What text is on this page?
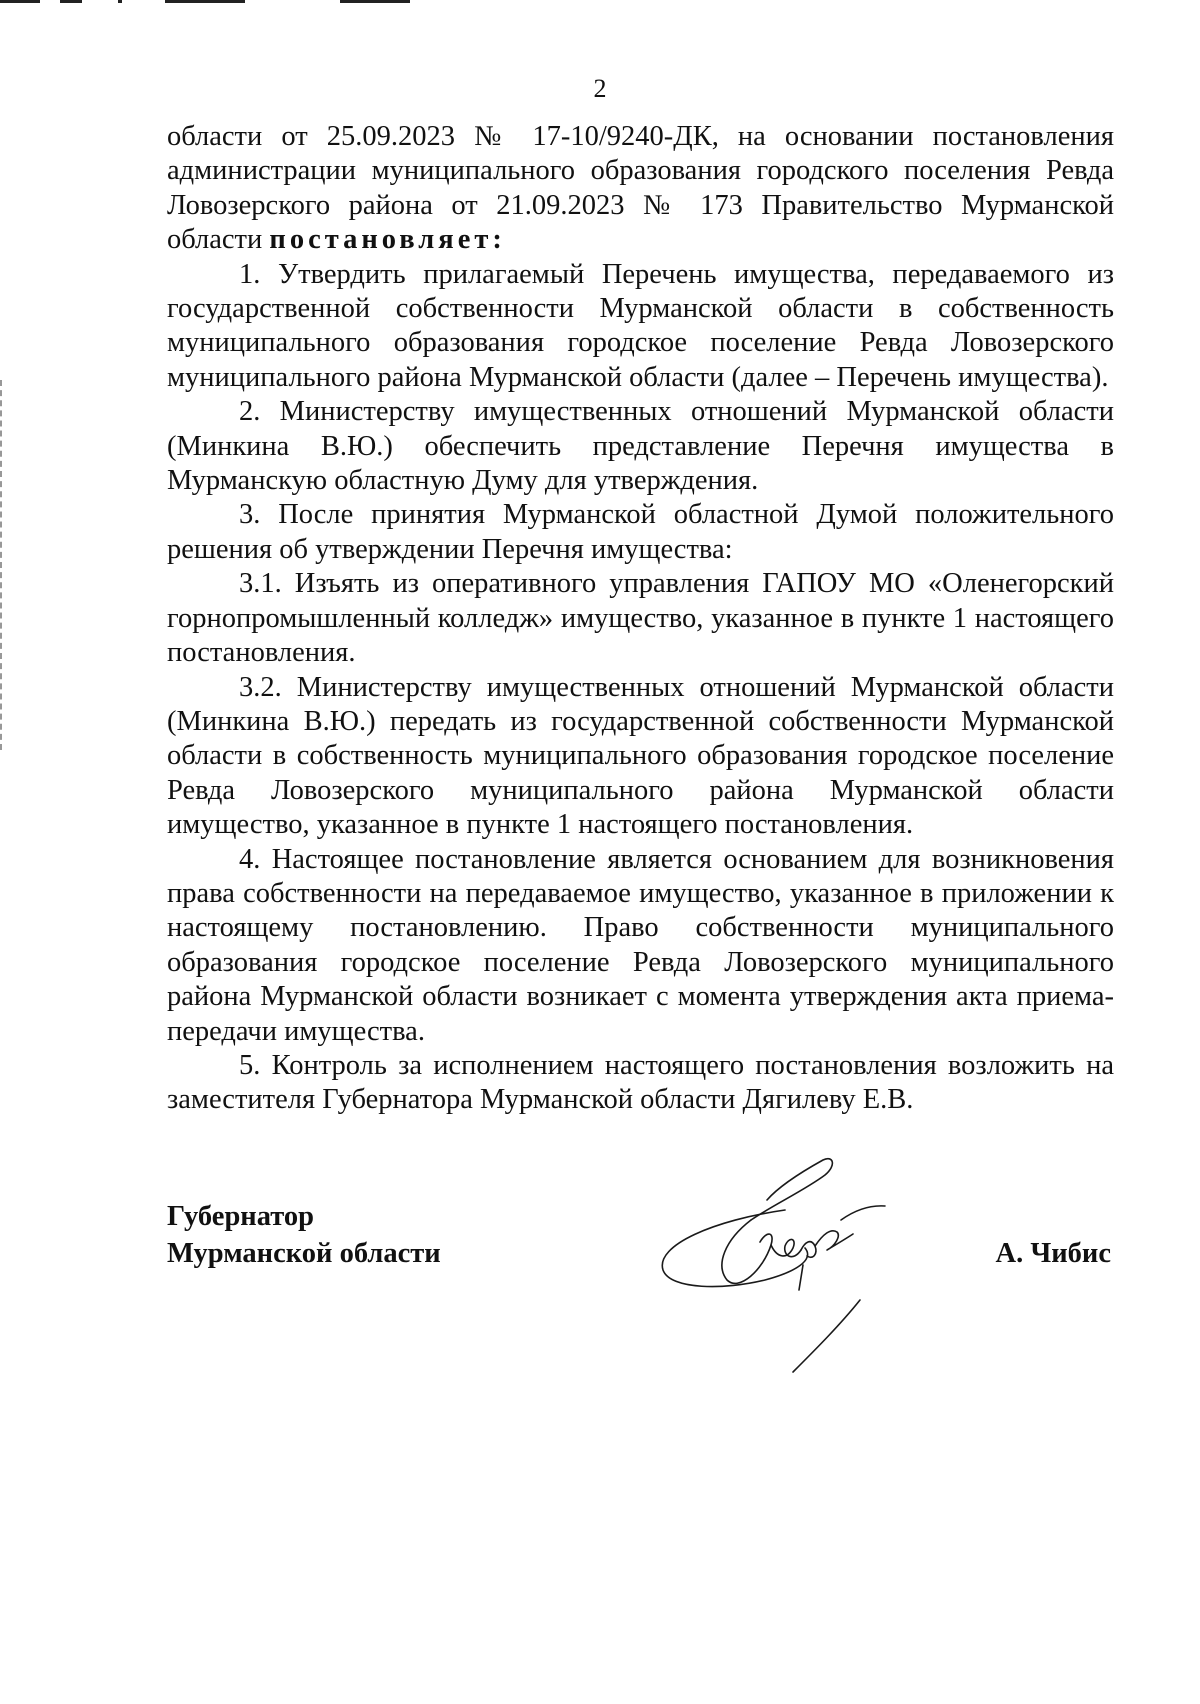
2

области от 25.09.2023 № 17-10/9240-ДК, на основании постановления администрации муниципального образования городского поселения Ревда Ловозерского района от 21.09.2023 № 173 Правительство Мурманской области постановляет:

1. Утвердить прилагаемый Перечень имущества, передаваемого из государственной собственности Мурманской области в собственность муниципального образования городское поселение Ревда Ловозерского муниципального района Мурманской области (далее – Перечень имущества).

2. Министерству имущественных отношений Мурманской области (Минкина В.Ю.) обеспечить представление Перечня имущества в Мурманскую областную Думу для утверждения.

3. После принятия Мурманской областной Думой положительного решения об утверждении Перечня имущества:

3.1. Изъять из оперативного управления ГАПОУ МО «Оленегорский горнопромышленный колледж» имущество, указанное в пункте 1 настоящего постановления.

3.2. Министерству имущественных отношений Мурманской области (Минкина В.Ю.) передать из государственной собственности Мурманской области в собственность муниципального образования городское поселение Ревда Ловозерского муниципального района Мурманской области имущество, указанное в пункте 1 настоящего постановления.

4. Настоящее постановление является основанием для возникновения права собственности на передаваемое имущество, указанное в приложении к настоящему постановлению. Право собственности муниципального образования городское поселение Ревда Ловозерского муниципального района Мурманской области возникает с момента утверждения акта приема-передачи имущества.

5. Контроль за исполнением настоящего постановления возложить на заместителя Губернатора Мурманской области Дягилеву Е.В.

Губернатор
Мурманской области	А. Чибис
